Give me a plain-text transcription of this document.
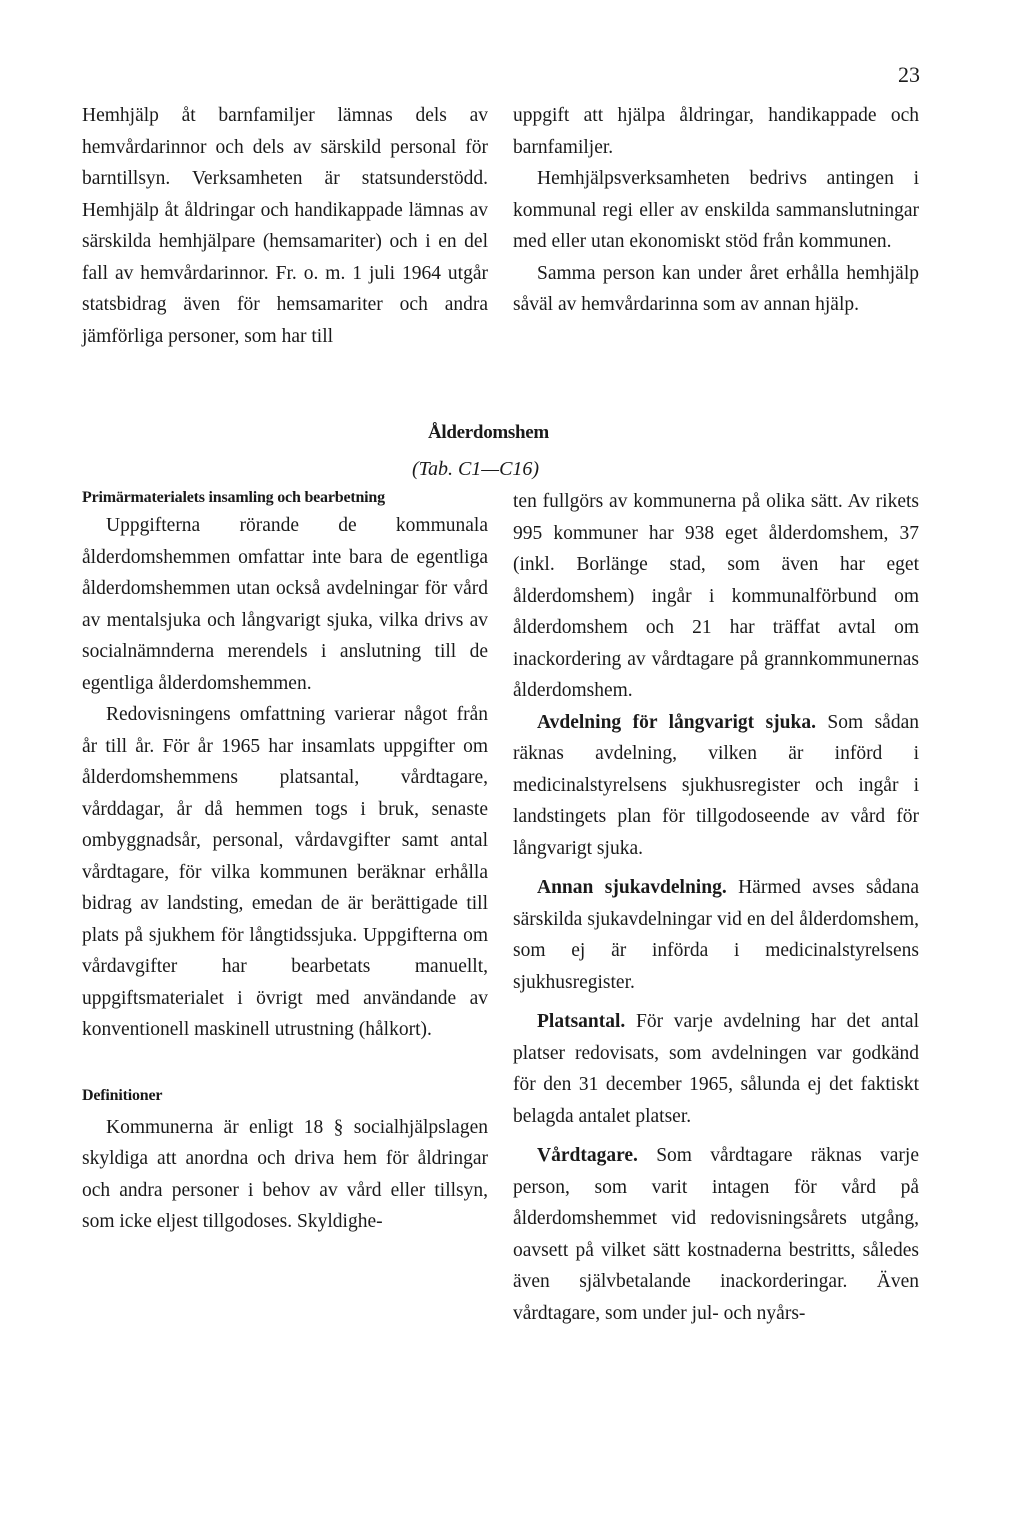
23

Hemhjälp åt barnfamiljer lämnas dels av hemvårdarinnor och dels av särskild personal för barntillsyn. Verksamheten är statsunderstödd. Hemhjälp åt åldringar och handikappade lämnas av särskilda hemhjälpare (hemsamariter) och i en del fall av hemvårdarinnor. Fr. o. m. 1 juli 1964 utgår statsbidrag även för hemsamariter och andra jämförliga personer, som har till

uppgift att hjälpa åldringar, handikappade och barnfamiljer.

Hemhjälpsverksamheten bedrivs antingen i kommunal regi eller av enskilda sammanslutningar med eller utan ekonomiskt stöd från kommunen.

Samma person kan under året erhålla hemhjälp såväl av hemvårdarinna som av annan hjälp.

Ålderdomshem
(Tab. C1—C16)

Primärmaterialets insamling och bearbetning

Uppgifterna rörande de kommunala ålderdomshemmen omfattar inte bara de egentliga ålderdomshemmen utan också avdelningar för vård av mentalsjuka och långvarigt sjuka, vilka drivs av socialnämnderna merendels i anslutning till de egentliga ålderdomshemmen.

Redovisningens omfattning varierar något från år till år. För år 1965 har insamlats uppgifter om ålderdomshemmens platsantal, vårdtagare, vårddagar, år då hemmen togs i bruk, senaste ombyggnadsår, personal, vårdavgifter samt antal vårdtagare, för vilka kommunen beräknar erhålla bidrag av landsting, emedan de är berättigade till plats på sjukhem för långtidssjuka. Uppgifterna om vårdavgifter har bearbetats manuellt, uppgiftsmaterialet i övrigt med användande av konventionell maskinell utrustning (hålkort).

Definitioner

Kommunerna är enligt 18 § socialhjälpslagen skyldiga att anordna och driva hem för åldringar och andra personer i behov av vård eller tillsyn, som icke eljest tillgodoses. Skyldighe-

ten fullgörs av kommunerna på olika sätt. Av rikets 995 kommuner har 938 eget ålderdomshem, 37 (inkl. Borlänge stad, som även har eget ålderdomshem) ingår i kommunalförbund om ålderdomshem och 21 har träffat avtal om inackordering av vårdtagare på grannkommunernas ålderdomshem.

Avdelning för långvarigt sjuka. Som sådan räknas avdelning, vilken är införd i medicinalstyrelsens sjukhusregister och ingår i landstingets plan för tillgodoseende av vård för långvarigt sjuka.

Annan sjukavdelning. Härmed avses sådana särskilda sjukavdelningar vid en del ålderdomshem, som ej är införda i medicinalstyrelsens sjukhusregister.

Platsantal. För varje avdelning har det antal platser redovisats, som avdelningen var godkänd för den 31 december 1965, sålunda ej det faktiskt belagda antalet platser.

Vårdtagare. Som vårdtagare räknas varje person, som varit intagen för vård på ålderdomshemmet vid redovisningsårets utgång, oavsett på vilket sätt kostnaderna bestritts, således även självbetalande inackorderingar. Även vårdtagare, som under jul- och nyårs-
